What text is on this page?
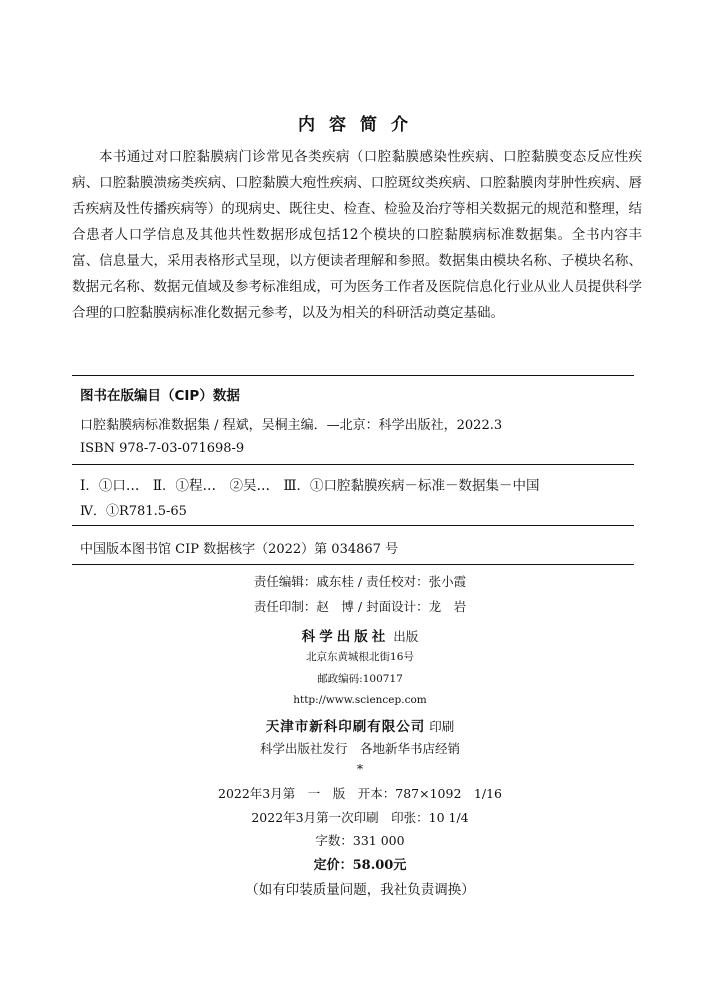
内容简介

本书通过对口腔黏膜病门诊常见各类疾病（口腔黏膜感染性疾病、口腔黏膜变态反应性疾病、口腔黏膜溃疡类疾病、口腔黏膜大疱性疾病、口腔斑纹类疾病、口腔黏膜肉芽肿性疾病、唇舌疾病及性传播疾病等）的现病史、既往史、检查、检验及治疗等相关数据元的规范和整理，结合患者人口学信息及其他共性数据形成包括12个模块的口腔黏膜病标准数据集。全书内容丰富、信息量大，采用表格形式呈现，以方便读者理解和参照。数据集由模块名称、子模块名称、数据元名称、数据元值域及参考标准组成，可为医务工作者及医院信息化行业从业人员提供科学合理的口腔黏膜病标准化数据元参考，以及为相关的科研活动奠定基础。

图书在版编目（CIP）数据
口腔黏膜病标准数据集 / 程斌，吴桐主编．—北京：科学出版社，2022.3
ISBN 978-7-03-071698-9
Ⅰ．①口…　Ⅱ．①程…　②吴…　Ⅲ．①口腔黏膜疾病－标准－数据集－中国
Ⅳ．①R781.5-65
中国版本图书馆 CIP 数据核字（2022）第 034867 号
责任编辑：戚东桂 / 责任校对：张小霞
责任印制：赵　博 / 封面设计：龙　岩
科学出版社 出版
北京东黄城根北街16号
邮政编码:100717
http://www.sciencep.com
天津市新科印刷有限公司 印刷
科学出版社发行　各地新华书店经销
*
2022年3月第　一　版　开本：787×1092　1/16
2022年3月第一次印刷　印张：10 1/4
字数：331 000
定价：58.00元
（如有印装质量问题，我社负责调换）
